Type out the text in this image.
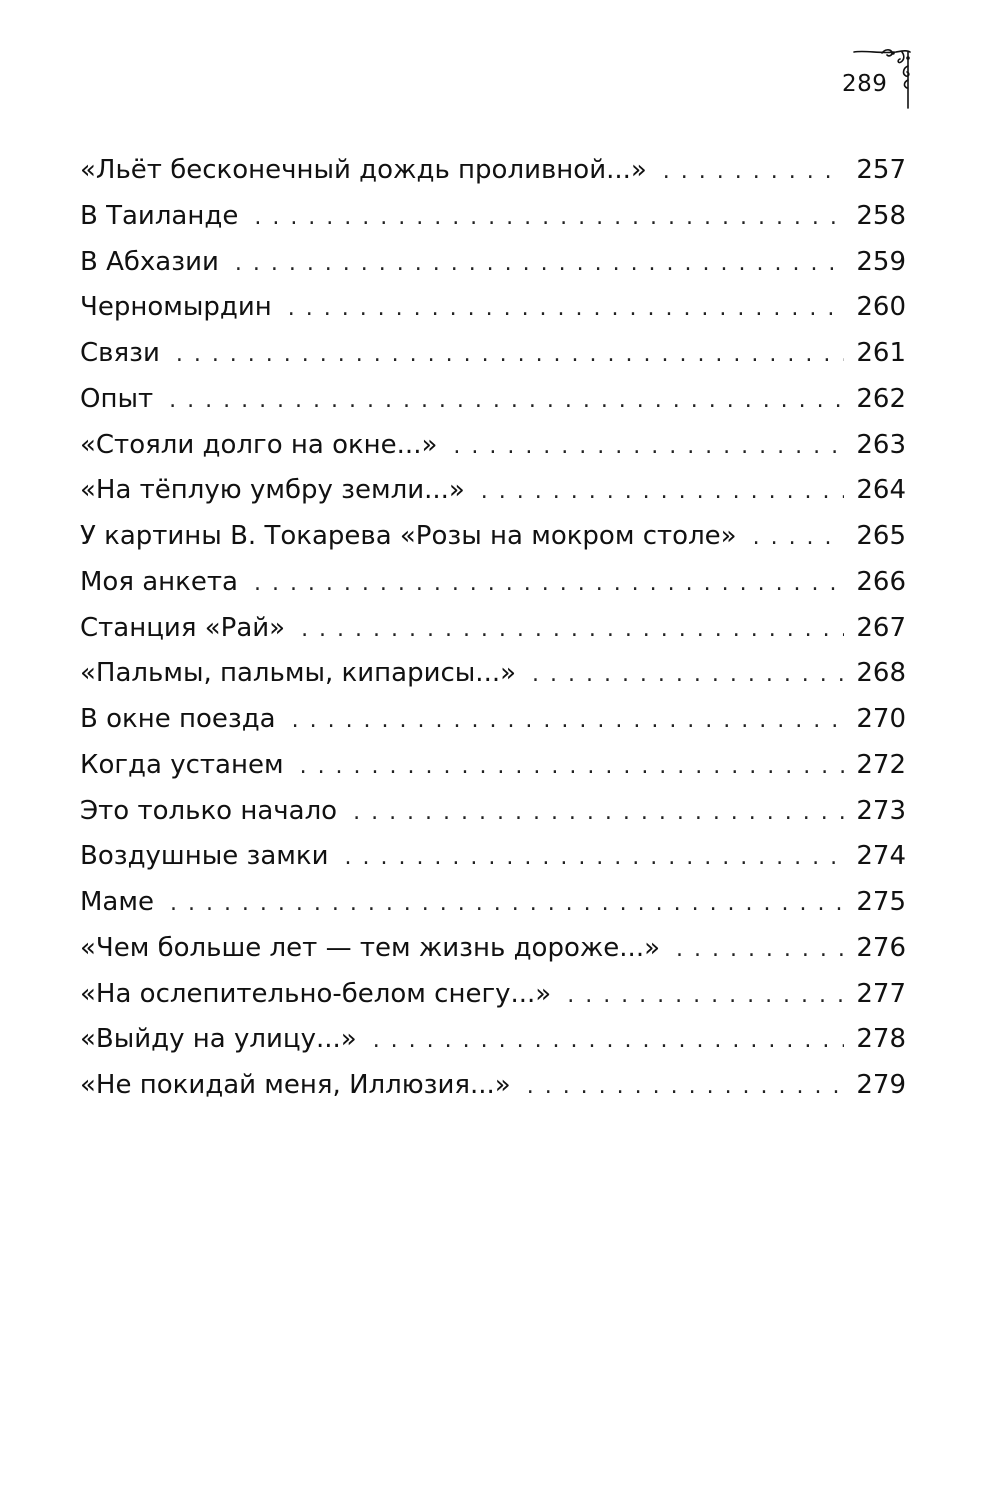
289
«Льёт бесконечный дождь проливной...» . . .	257
В Таиланде . . .	258
В Абхазии . . .	259
Черномырдин . . .	260
Связи . . .	261
Опыт . . .	262
«Стояли долго на окне...» . . .	263
«На тёплую умбру земли...» . . .	264
У картины В. Токарева «Розы на мокром столе» . . .	265
Моя анкета . . .	266
Станция «Рай» . . .	267
«Пальмы, пальмы, кипарисы...» . . .	268
В окне поезда . . .	270
Когда устанем . . .	272
Это только начало . . .	273
Воздушные замки . . .	274
Маме . . .	275
«Чем больше лет — тем жизнь дороже...» . . .	276
«На ослепительно-белом снегу...» . . .	277
«Выйду на улицу...» . . .	278
«Не покидай меня, Иллюзия...» . . .	279
